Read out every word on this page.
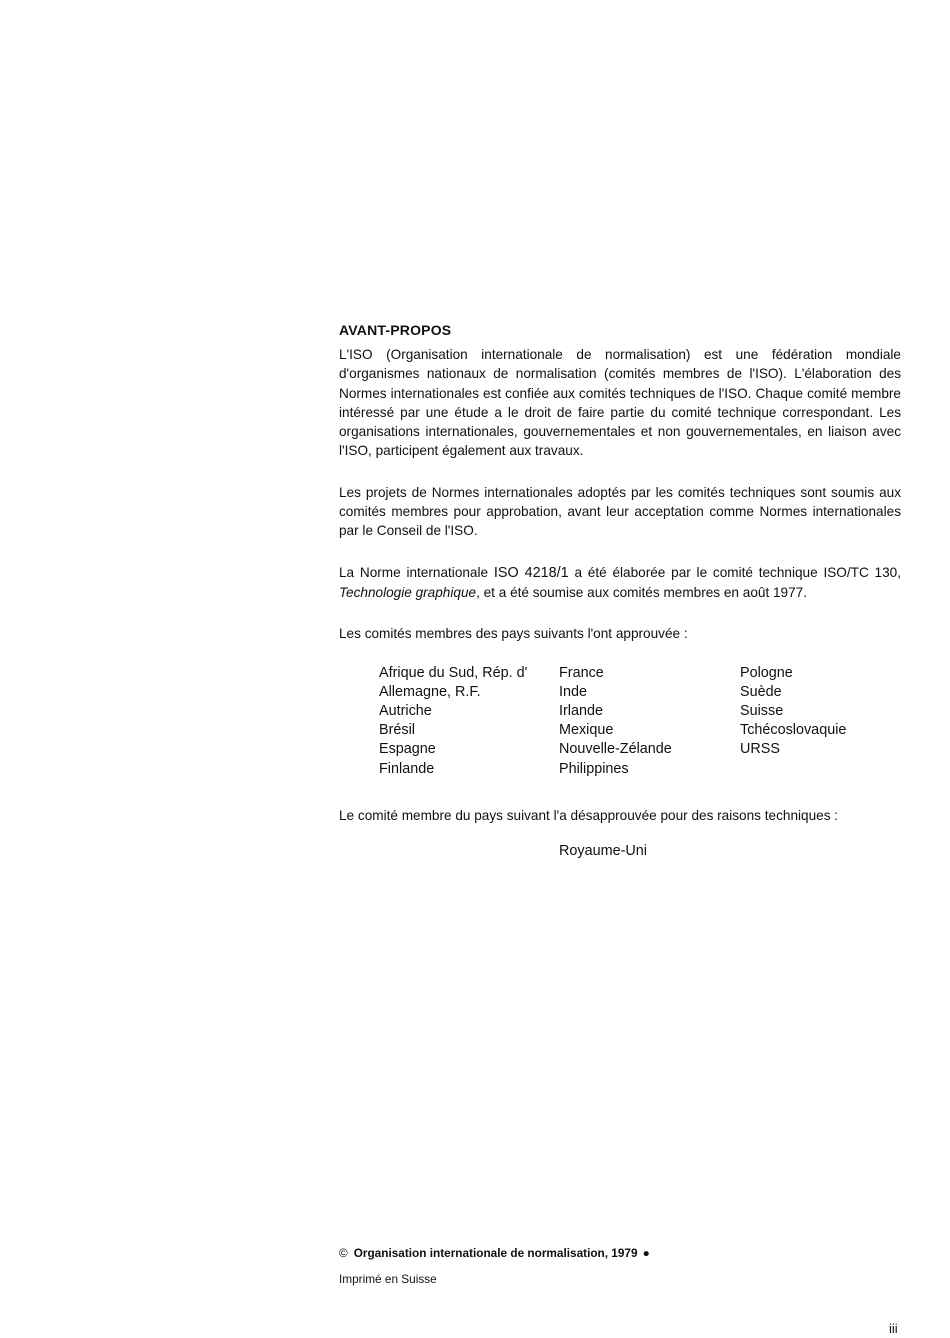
AVANT-PROPOS

L'ISO (Organisation internationale de normalisation) est une fédération mondiale d'organismes nationaux de normalisation (comités membres de l'ISO). L'élaboration des Normes internationales est confiée aux comités techniques de l'ISO. Chaque comité membre intéressé par une étude a le droit de faire partie du comité technique correspondant. Les organisations internationales, gouvernementales et non gouvernementales, en liaison avec l'ISO, participent également aux travaux.

Les projets de Normes internationales adoptés par les comités techniques sont soumis aux comités membres pour approbation, avant leur acceptation comme Normes internationales par le Conseil de l'ISO.

La Norme internationale ISO 4218/1 a été élaborée par le comité technique ISO/TC 130, Technologie graphique, et a été soumise aux comités membres en août 1977.

Les comités membres des pays suivants l'ont approuvée :

Afrique du Sud, Rép. d'
Allemagne, R.F.
Autriche
Brésil
Espagne
Finlande
France
Inde
Irlande
Mexique
Nouvelle-Zélande
Philippines
Pologne
Suède
Suisse
Tchécoslovaquie
URSS

Le comité membre du pays suivant l'a désapprouvée pour des raisons techniques :

Royaume-Uni
© Organisation internationale de normalisation, 1979 ●
Imprimé en Suisse
iii
